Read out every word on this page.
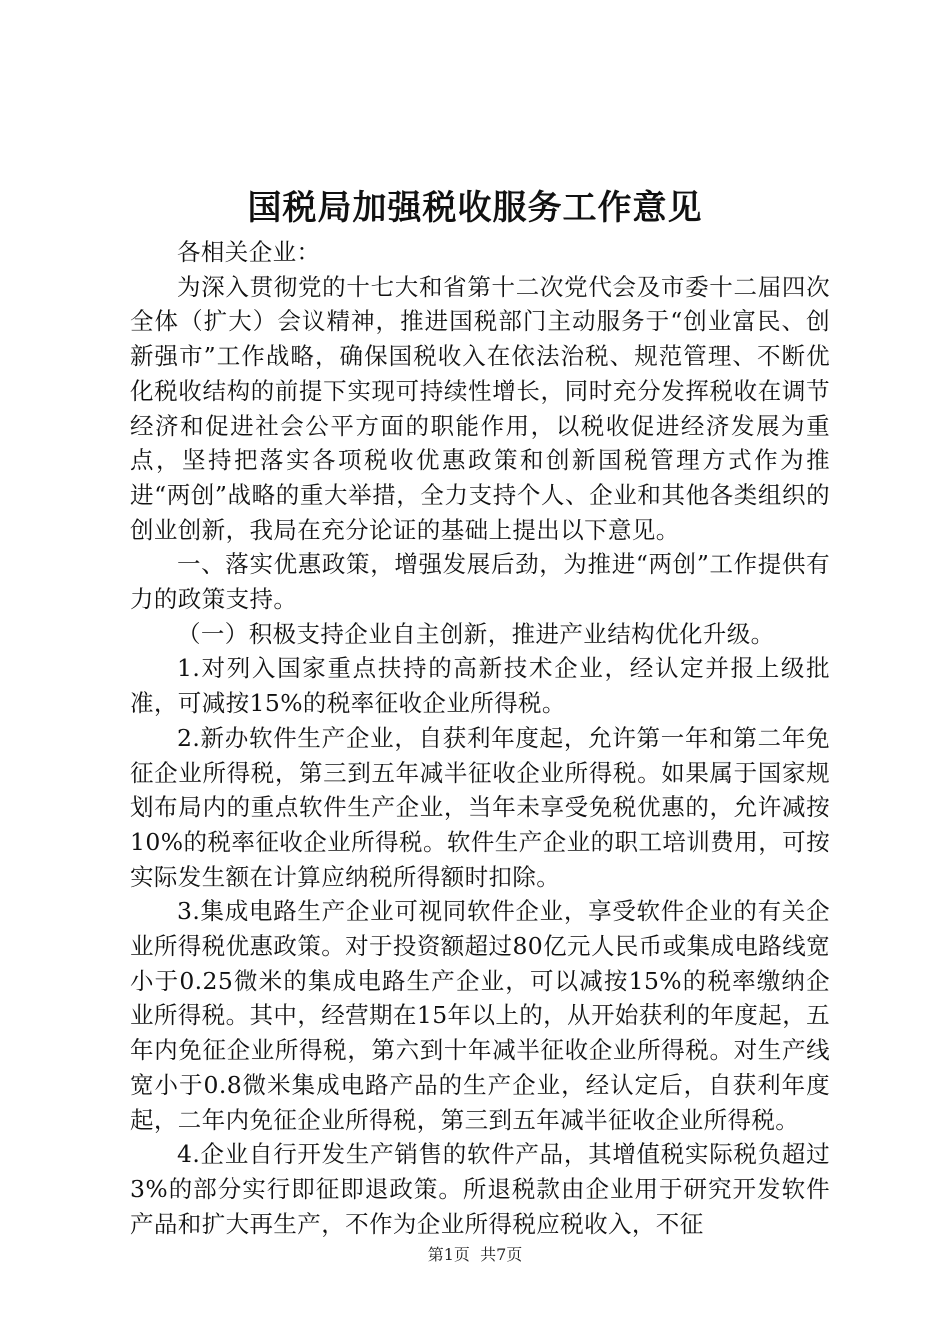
国税局加强税收服务工作意见

各相关企业：

为深入贯彻党的十七大和省第十二次党代会及市委十二届四次全体（扩大）会议精神，推进国税部门主动服务于“创业富民、创新强市”工作战略，确保国税收入在依法治税、规范管理、不断优化税收结构的前提下实现可持续性增长，同时充分发挥税收在调节经济和促进社会公平方面的职能作用，以税收促进经济发展为重点，坚持把落实各项税收优惠政策和创新国税管理方式作为推进“两创”战略的重大举措，全力支持个人、企业和其他各类组织的创业创新，我局在充分论证的基础上提出以下意见。

一、落实优惠政策，增强发展后劲，为推进“两创”工作提供有力的政策支持。

（一）积极支持企业自主创新，推进产业结构优化升级。

1.对列入国家重点扶持的高新技术企业，经认定并报上级批准，可减按15%的税率征收企业所得税。

2.新办软件生产企业，自获利年度起，允许第一年和第二年免征企业所得税，第三到五年减半征收企业所得税。如果属于国家规划布局内的重点软件生产企业，当年未享受免税优惠的，允许减按10%的税率征收企业所得税。软件生产企业的职工培训费用，可按实际发生额在计算应纳税所得额时扣除。

3.集成电路生产企业可视同软件企业，享受软件企业的有关企业所得税优惠政策。对于投资额超过80亿元人民币或集成电路线宽小于0.25微米的集成电路生产企业，可以减按15%的税率缴纳企业所得税。其中，经营期在15年以上的，从开始获利的年度起，五年内免征企业所得税，第六到十年减半征收企业所得税。对生产线宽小于0.8微米集成电路产品的生产企业，经认定后，自获利年度起，二年内免征企业所得税，第三到五年减半征收企业所得税。

4.企业自行开发生产销售的软件产品，其增值税实际税负超过3%的部分实行即征即退政策。所退税款由企业用于研究开发软件产品和扩大再生产，不作为企业所得税应税收入，不征

第1页  共7页
